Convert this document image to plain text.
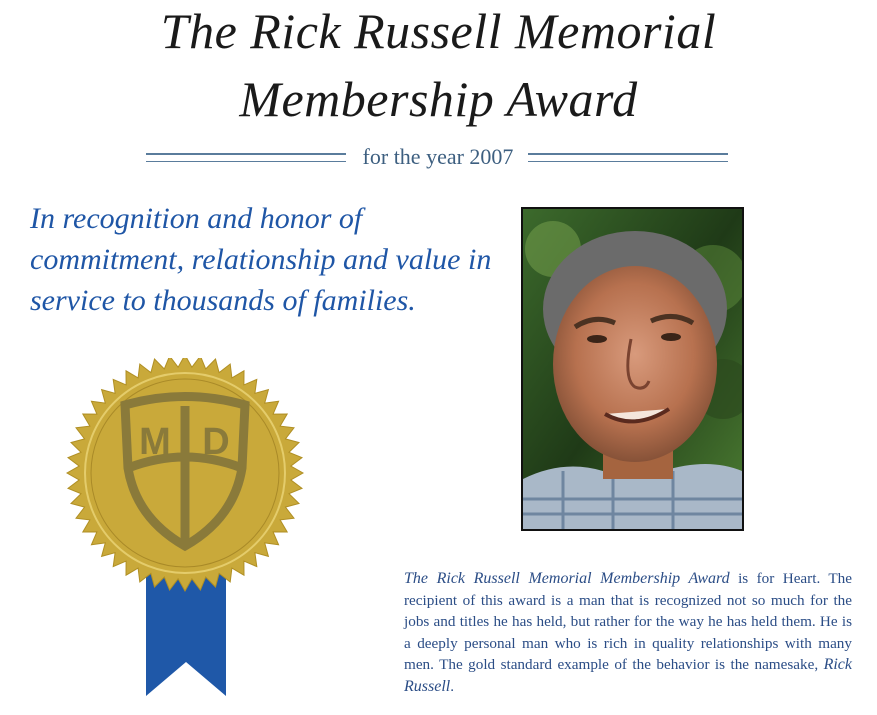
The Rick Russell Memorial
Membership Award
for the year 2007

In recognition and honor of commitment, relationship and value in service to thousands of families.

M D
I

The Rick Russell Memorial Membership Award is for Heart. The recipient of this award is a man that is recognized not so much for the jobs and titles he has held, but rather for the way he has held them. He is a deeply personal man who is rich in quality relationships with many men. The gold standard example of the behavior is the namesake, Rick Russell.
